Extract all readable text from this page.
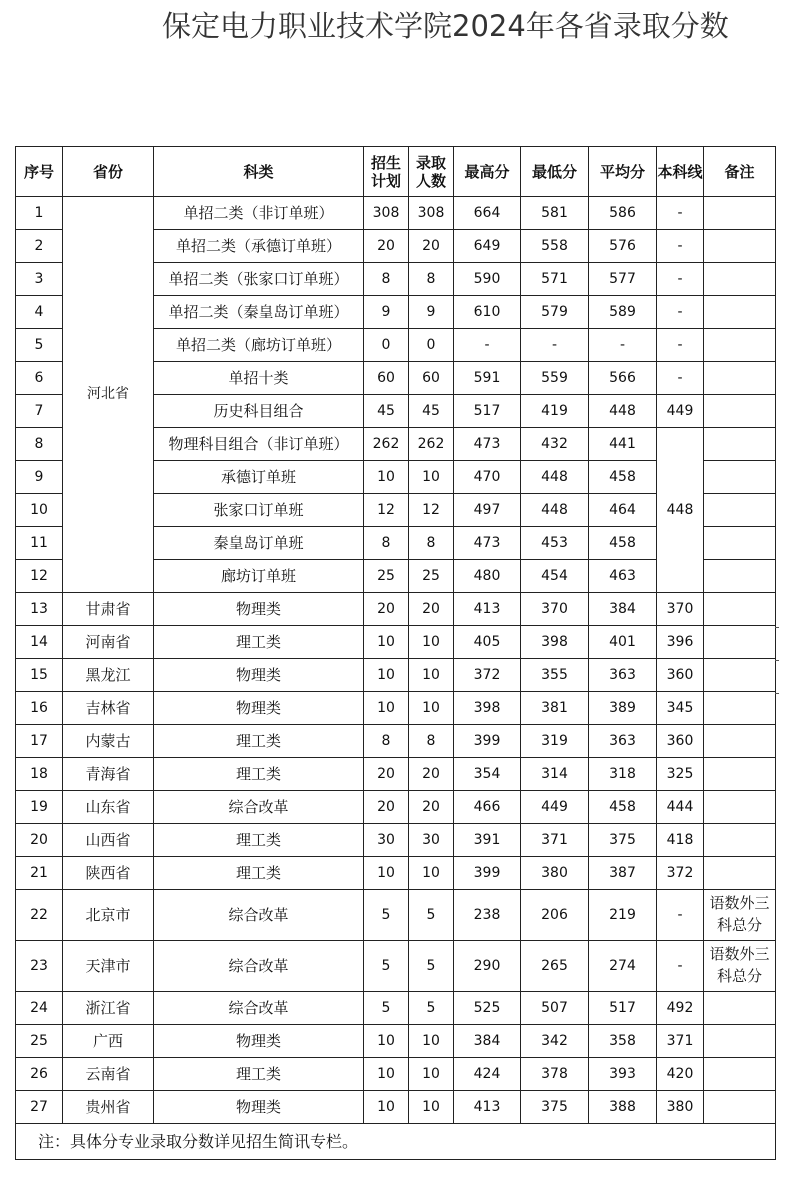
保定电力职业技术学院2024年各省录取分数
序号	省份	科类	招生计划	录取人数	最高分	最低分	平均分	本科线	备注
1	河北省	单招二类（非订单班）	308	308	664	581	586	-	
2		单招二类（承德订单班）	20	20	649	558	576	-	
3		单招二类（张家口订单班）	8	8	590	571	577	-	
4		单招二类（秦皇岛订单班）	9	9	610	579	589	-	
5		单招二类（廊坊订单班）	0	0	-	-	-	-	
6		单招十类	60	60	591	559	566	-	
7		历史科目组合	45	45	517	419	448	449	
8		物理科目组合（非订单班）	262	262	473	432	441	448	
9		承德订单班	10	10	470	448	458		
10		张家口订单班	12	12	497	448	464		
11		秦皇岛订单班	8	8	473	453	458		
12		廊坊订单班	25	25	480	454	463		
13	甘肃省	物理类	20	20	413	370	384	370	
14	河南省	理工类	10	10	405	398	401	396	
15	黑龙江	物理类	10	10	372	355	363	360	
16	吉林省	物理类	10	10	398	381	389	345	
17	内蒙古	理工类	8	8	399	319	363	360	
18	青海省	理工类	20	20	354	314	318	325	
19	山东省	综合改革	20	20	466	449	458	444	
20	山西省	理工类	30	30	391	371	375	418	
21	陕西省	理工类	10	10	399	380	387	372	
22	北京市	综合改革	5	5	238	206	219	-	语数外三科总分
23	天津市	综合改革	5	5	290	265	274	-	语数外三科总分
24	浙江省	综合改革	5	5	525	507	517	492	
25	广西	物理类	10	10	384	342	358	371	
26	云南省	理工类	10	10	424	378	393	420	
27	贵州省	物理类	10	10	413	375	388	380	
注：具体分专业录取分数详见招生简讯专栏。									
